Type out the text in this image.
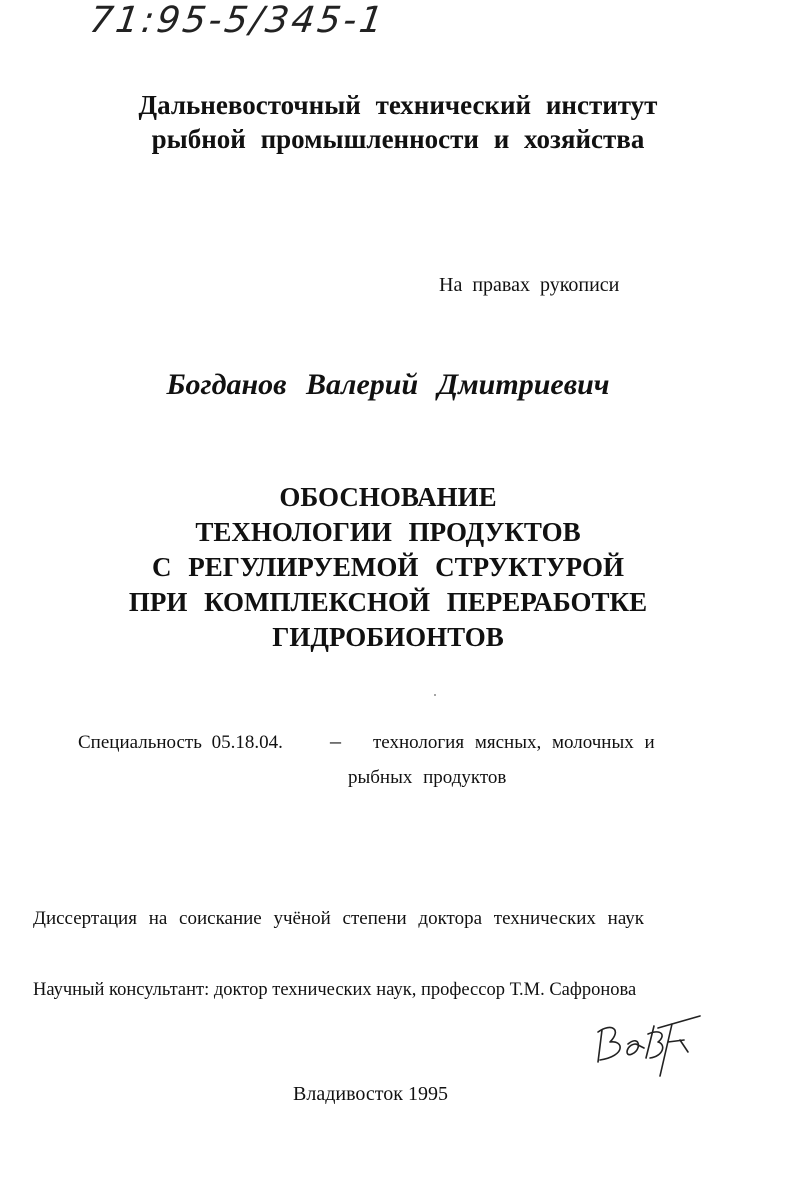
71:95-5/345-1
Дальневосточный технический институт
рыбной промышленности и хозяйства
На правах рукописи
Богданов Валерий Дмитриевич
ОБОСНОВАНИЕ
ТЕХНОЛОГИИ ПРОДУКТОВ
С РЕГУЛИРУЕМОЙ СТРУКТУРОЙ
ПРИ КОМПЛЕКСНОЙ ПЕРЕРАБОТКЕ
ГИДРОБИОНТОВ
Специальность 05.18.04. – технология мясных, молочных и
рыбных продуктов
Диссертация на соискание учёной степени доктора технических наук
Научный консультант: доктор технических наук, профессор Т.М. Сафронова
Владивосток 1995
